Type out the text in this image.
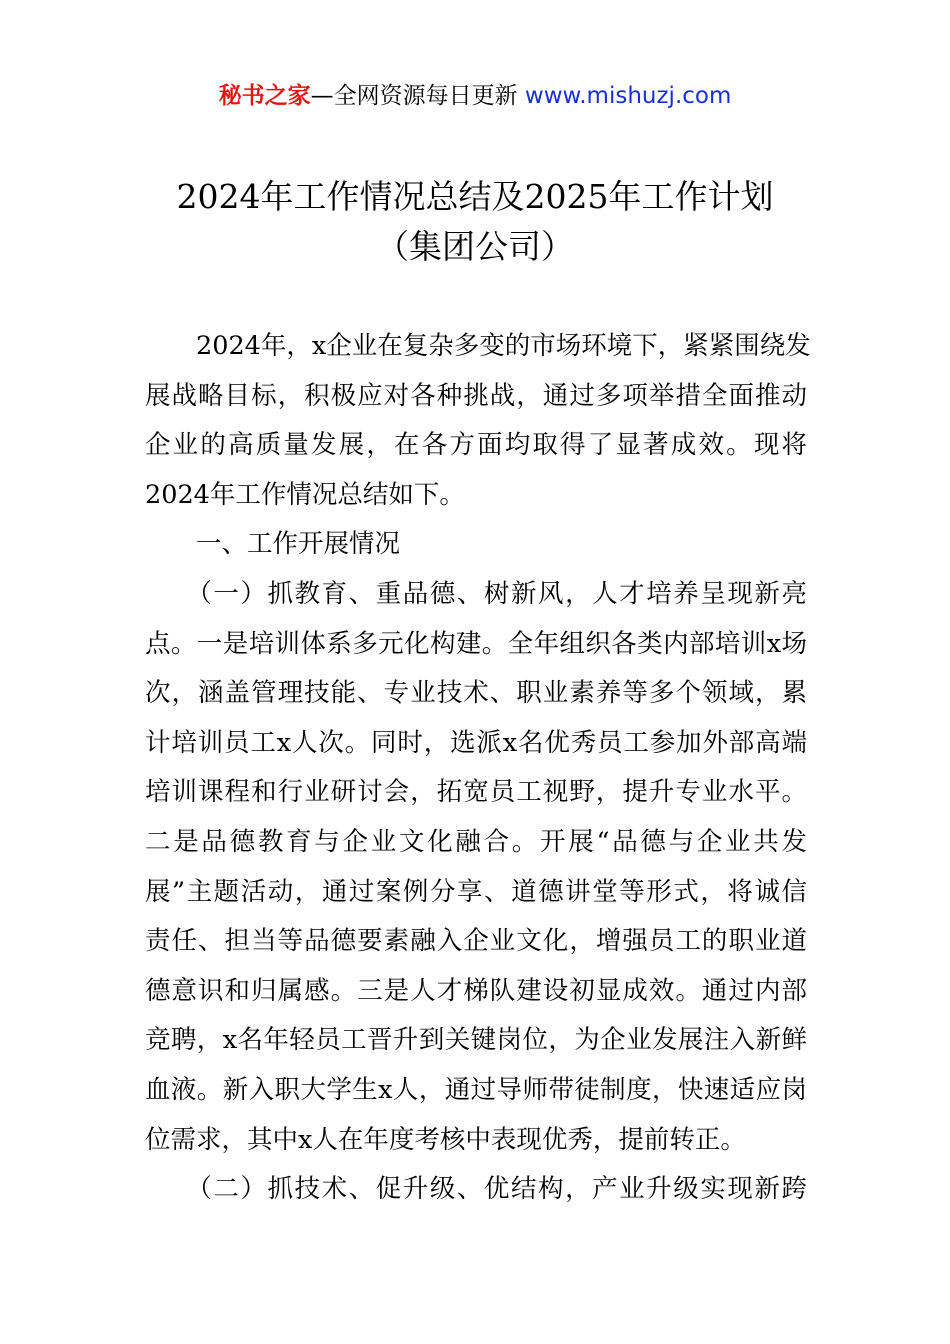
秘书之家—全网资源每日更新 www.mishuzj.com
2024年工作情况总结及2025年工作计划
（集团公司）
　　2024年，x企业在复杂多变的市场环境下，紧紧围绕发
展战略目标，积极应对各种挑战，通过多项举措全面推动
企业的高质量发展，在各方面均取得了显著成效。现将
2024年工作情况总结如下。
　　一、工作开展情况
　　（一）抓教育、重品德、树新风，人才培养呈现新亮
点。一是培训体系多元化构建。全年组织各类内部培训x场
次，涵盖管理技能、专业技术、职业素养等多个领域，累
计培训员工x人次。同时，选派x名优秀员工参加外部高端
培训课程和行业研讨会，拓宽员工视野，提升专业水平。
二是品德教育与企业文化融合。开展“品德与企业共发
展”主题活动，通过案例分享、道德讲堂等形式，将诚信
责任、担当等品德要素融入企业文化，增强员工的职业道
德意识和归属感。三是人才梯队建设初显成效。通过内部
竞聘，x名年轻员工晋升到关键岗位，为企业发展注入新鲜
血液。新入职大学生x人，通过导师带徒制度，快速适应岗
位需求，其中x人在年度考核中表现优秀，提前转正。
　　（二）抓技术、促升级、优结构，产业升级实现新跨
